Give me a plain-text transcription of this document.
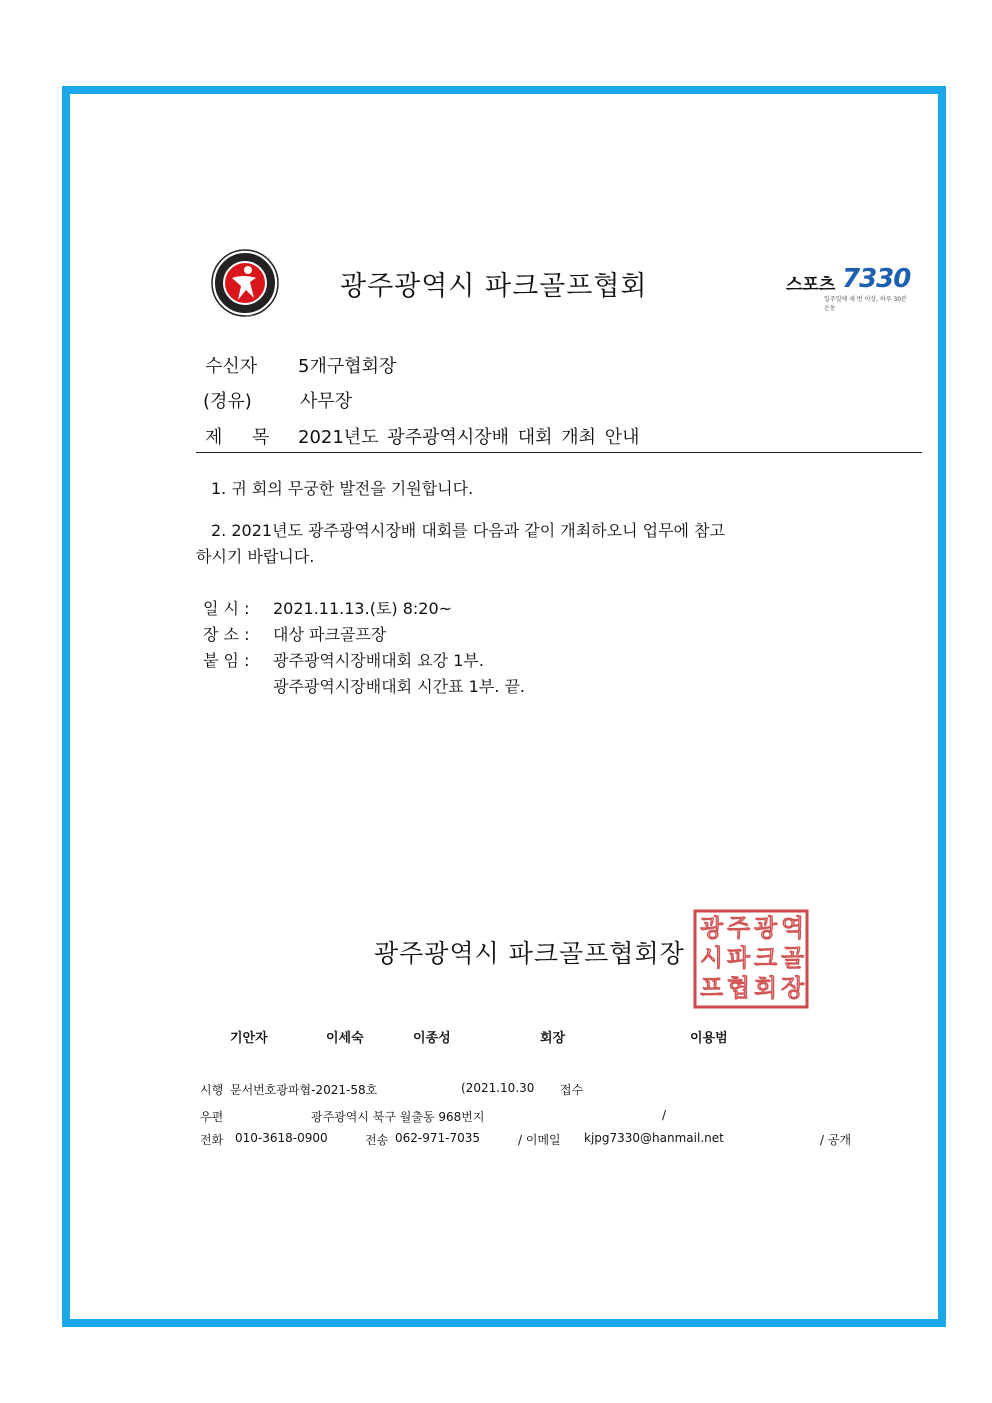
광주광역시체육회 GWANGJU SPORTS COUNCIL
광주광역시 파크골프협회	스포츠 7330
일주일에 세 번 이상, 하루 30분 운동
수신자 5개구협회장
(경유)	사무장
제  목 2021년도 광주광역시장배 대회 개최 안내
1. 귀 회의 무궁한 발전을 기원합니다.
2. 2021년도 광주광역시장배 대회를 다음과 같이 개최하오니 업무에 참고
하시기 바랍니다.
일 시 : 2021.11.13.(토) 8:20~
장 소 : 대상 파크골프장
붙 임 : 광주광역시장배대회 요강 1부.
광주광역시장배대회 시간표 1부. 끝.
광 주 광 역
시 파 크 골
프 협 회 장
광주광역시 파크골프협회장
기안자	이세숙	이종성	회장	이용범
시행 문서번호광파협-2021-58호	(2021.10.30 접수
우편	광주광역시 북구 월출동 968번지	/
전화 010-3618-0900	전송 062-971-7035	/ 이메일 kjpg7330@hanmail.net	/ 공개
